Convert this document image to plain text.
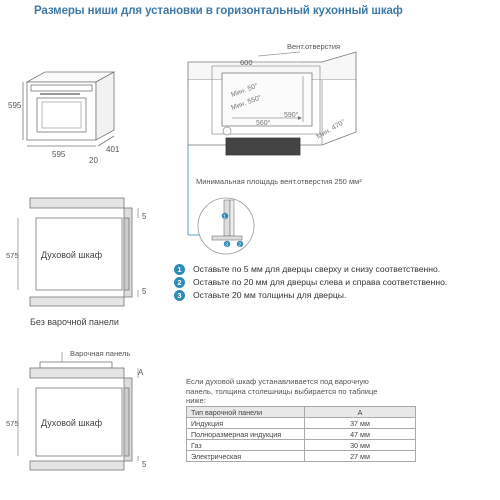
Размеры ниши для установки в горизонтальный кухонный шкаф
595
595
20
401
Вент.отверстия
600
Мин. 50°
Мин. 550°
560°
590°
Мин. 470°
Минимальная площадь вент.отверстия 250 мм²
1
3 2
Духовой шкаф
575
5
5
Варочная панель
Духовой шкаф
575
A
5
1	Оставьте по 5 мм для дверцы сверху и снизу соответственно.
2	Оставьте по 20 мм для дверцы слева и справа соответственно.
3	Оставьте 20 мм толщины для дверцы.
Без варочной панели
Если духовой шкаф устанавливается под варочную панель, толщина столешницы выбирается по таблице ниже:
Тип варочной панели	A
Индукция	37 мм
Полноразмерная индукция	47 мм
Газ	30 мм
Электрическая	27 мм
